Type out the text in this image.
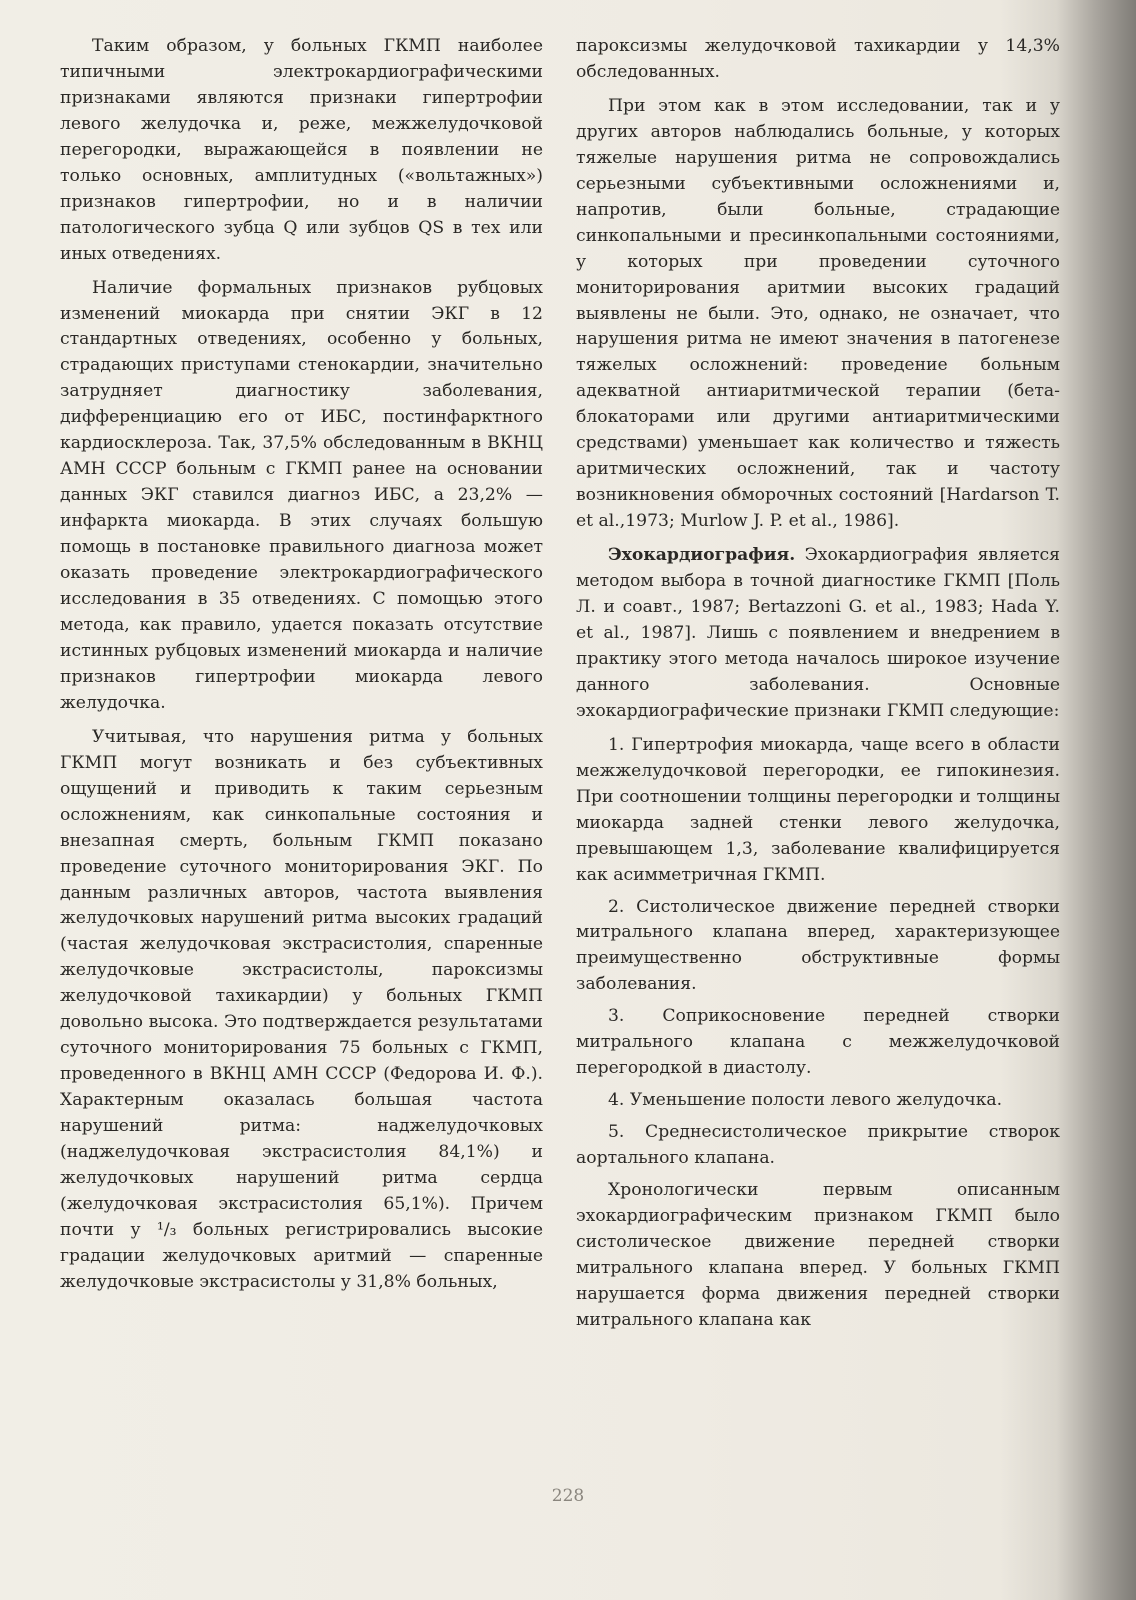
Таким образом, у больных ГКМП наиболее типичными электрокардиографическими признаками являются признаки гипертрофии левого желудочка и, реже, межжелудочковой перегородки, выражающейся в появлении не только основных, амплитудных («вольтажных») признаков гипертрофии, но и в наличии патологического зубца Q или зубцов QS в тех или иных отведениях.

Наличие формальных признаков рубцовых изменений миокарда при снятии ЭКГ в 12 стандартных отведениях, особенно у больных, страдающих приступами стенокардии, значительно затрудняет диагностику заболевания, дифференциацию его от ИБС, постинфарктного кардиосклероза. Так, 37,5% обследованным в ВКНЦ АМН СССР больным с ГКМП ранее на основании данных ЭКГ ставился диагноз ИБС, а 23,2% — инфаркта миокарда. В этих случаях большую помощь в постановке правильного диагноза может оказать проведение электрокардиографического исследования в 35 отведениях. С помощью этого метода, как правило, удается показать отсутствие истинных рубцовых изменений миокарда и наличие признаков гипертрофии миокарда левого желудочка.

Учитывая, что нарушения ритма у больных ГКМП могут возникать и без субъективных ощущений и приводить к таким серьезным осложнениям, как синкопальные состояния и внезапная смерть, больным ГКМП показано проведение суточного мониторирования ЭКГ. По данным различных авторов, частота выявления желудочковых нарушений ритма высоких градаций (частая желудочковая экстрасистолия, спаренные желудочковые экстрасистолы, пароксизмы желудочковой тахикардии) у больных ГКМП довольно высока. Это подтверждается результатами суточного мониторирования 75 больных с ГКМП, проведенного в ВКНЦ АМН СССР (Федорова И. Ф.). Характерным оказалась большая частота нарушений ритма: наджелудочковых (наджелудочковая экстрасистолия 84,1%) и желудочковых нарушений ритма сердца (желудочковая экстрасистолия 65,1%). Причем почти у ¹/₃ больных регистрировались высокие градации желудочковых аритмий — спаренные желудочковые экстрасистолы у 31,8% больных,

пароксизмы желудочковой тахикардии у 14,3% обследованных.

При этом как в этом исследовании, так и у других авторов наблюдались больные, у которых тяжелые нарушения ритма не сопровождались серьезными субъективными осложнениями и, напротив, были больные, страдающие синкопальными и пресинкопальными состояниями, у которых при проведении суточного мониторирования аритмии высоких градаций выявлены не были. Это, однако, не означает, что нарушения ритма не имеют значения в патогенезе тяжелых осложнений: проведение больным адекватной антиаритмической терапии (бета-блокаторами или другими антиаритмическими средствами) уменьшает как количество и тяжесть аритмических осложнений, так и частоту возникновения обморочных состояний [Hardarson T. et al.,1973; Murlow J. P. et al., 1986].

Эхокардиография. Эхокардиография является методом выбора в точной диагностике ГКМП [Поль Л. и соавт., 1987; Bertazzoni G. et al., 1983; Hada Y. et al., 1987]. Лишь с появлением и внедрением в практику этого метода началось широкое изучение данного заболевания. Основные эхокардиографические признаки ГКМП следующие:

1. Гипертрофия миокарда, чаще всего в области межжелудочковой перегородки, ее гипокинезия. При соотношении толщины перегородки и толщины миокарда задней стенки левого желудочка, превышающем 1,3, заболевание квалифицируется как асимметричная ГКМП.

2. Систолическое движение передней створки митрального клапана вперед, характеризующее преимущественно обструктивные формы заболевания.

3. Соприкосновение передней створки митрального клапана с межжелудочковой перегородкой в диастолу.

4. Уменьшение полости левого желудочка.

5. Среднесистолическое прикрытие створок аортального клапана.

Хронологически первым описанным эхокардиографическим признаком ГКМП было систолическое движение передней створки митрального клапана вперед. У больных ГКМП нарушается форма движения передней створки митрального клапана как

228
